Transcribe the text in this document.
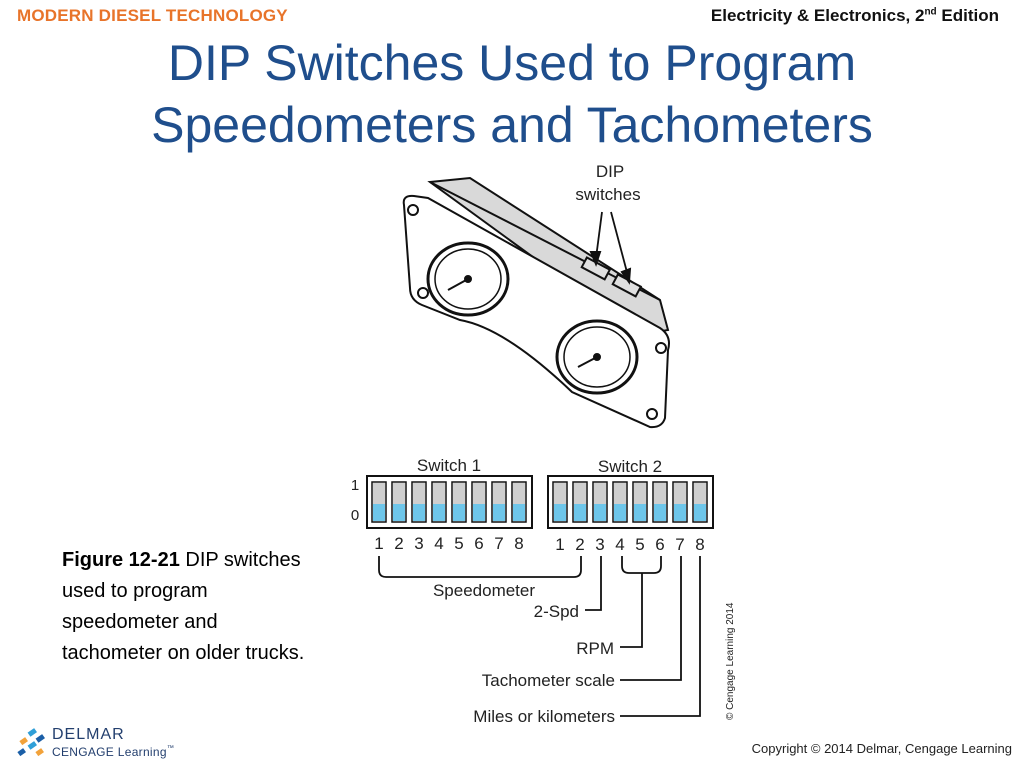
MODERN DIESEL TECHNOLOGY	Electricity & Electronics, 2nd Edition
DIP Switches Used to Program
Speedometers and Tachometers
DIP
switches
Switch 1	Switch 2
1
0
1 2 3 4 5 6 7 8 1 2 3 4 5 6 7 8
Speedometer
2-Spd
RPM
Tachometer scale
Miles or kilometers	© Cengage Learning 2014
Figure 12-21 DIP switches used to program speedometer and tachometer on older trucks.
DELMAR
CENGAGE Learning™	Copyright © 2014 Delmar, Cengage Learning
